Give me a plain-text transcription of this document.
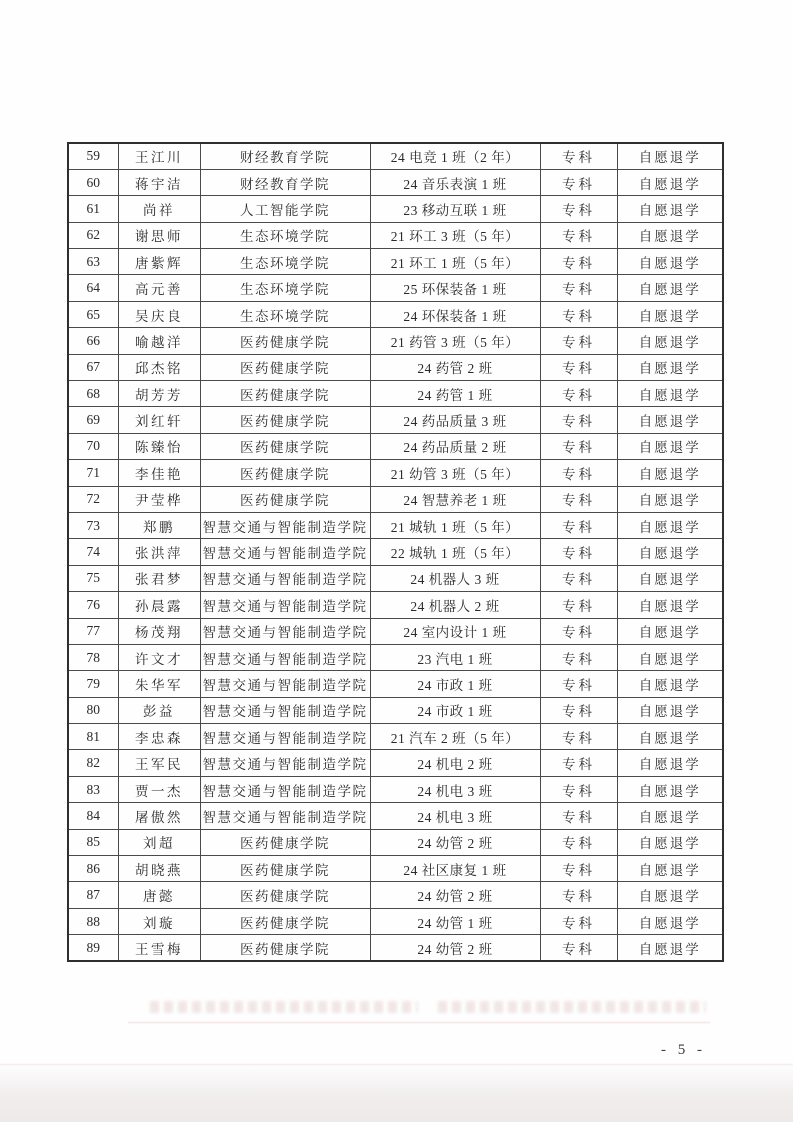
59	王江川	财经教育学院	24 电竞 1 班（2 年）	专科	自愿退学
60	蒋宇洁	财经教育学院	24 音乐表演 1 班	专科	自愿退学
61	尚祥	人工智能学院	23 移动互联 1 班	专科	自愿退学
62	谢思师	生态环境学院	21 环工 3 班（5 年）	专科	自愿退学
63	唐紫辉	生态环境学院	21 环工 1 班（5 年）	专科	自愿退学
64	高元善	生态环境学院	25 环保装备 1 班	专科	自愿退学
65	吴庆良	生态环境学院	24 环保装备 1 班	专科	自愿退学
66	喻越洋	医药健康学院	21 药管 3 班（5 年）	专科	自愿退学
67	邱杰铭	医药健康学院	24 药管 2 班	专科	自愿退学
68	胡芳芳	医药健康学院	24 药管 1 班	专科	自愿退学
69	刘红轩	医药健康学院	24 药品质量 3 班	专科	自愿退学
70	陈臻怡	医药健康学院	24 药品质量 2 班	专科	自愿退学
71	李佳艳	医药健康学院	21 幼管 3 班（5 年）	专科	自愿退学
72	尹莹桦	医药健康学院	24 智慧养老 1 班	专科	自愿退学
73	郑鹏	智慧交通与智能制造学院	21 城轨 1 班（5 年）	专科	自愿退学
74	张洪萍	智慧交通与智能制造学院	22 城轨 1 班（5 年）	专科	自愿退学
75	张君梦	智慧交通与智能制造学院	24 机器人 3 班	专科	自愿退学
76	孙晨露	智慧交通与智能制造学院	24 机器人 2 班	专科	自愿退学
77	杨茂翔	智慧交通与智能制造学院	24 室内设计 1 班	专科	自愿退学
78	许文才	智慧交通与智能制造学院	23 汽电 1 班	专科	自愿退学
79	朱华军	智慧交通与智能制造学院	24 市政 1 班	专科	自愿退学
80	彭益	智慧交通与智能制造学院	24 市政 1 班	专科	自愿退学
81	李忠森	智慧交通与智能制造学院	21 汽车 2 班（5 年）	专科	自愿退学
82	王军民	智慧交通与智能制造学院	24 机电 2 班	专科	自愿退学
83	贾一杰	智慧交通与智能制造学院	24 机电 3 班	专科	自愿退学
84	屠傲然	智慧交通与智能制造学院	24 机电 3 班	专科	自愿退学
85	刘超	医药健康学院	24 幼管 2 班	专科	自愿退学
86	胡晓燕	医药健康学院	24 社区康复 1 班	专科	自愿退学
87	唐懿	医药健康学院	24 幼管 2 班	专科	自愿退学
88	刘璇	医药健康学院	24 幼管 1 班	专科	自愿退学
89	王雪梅	医药健康学院	24 幼管 2 班	专科	自愿退学
- 5 -
